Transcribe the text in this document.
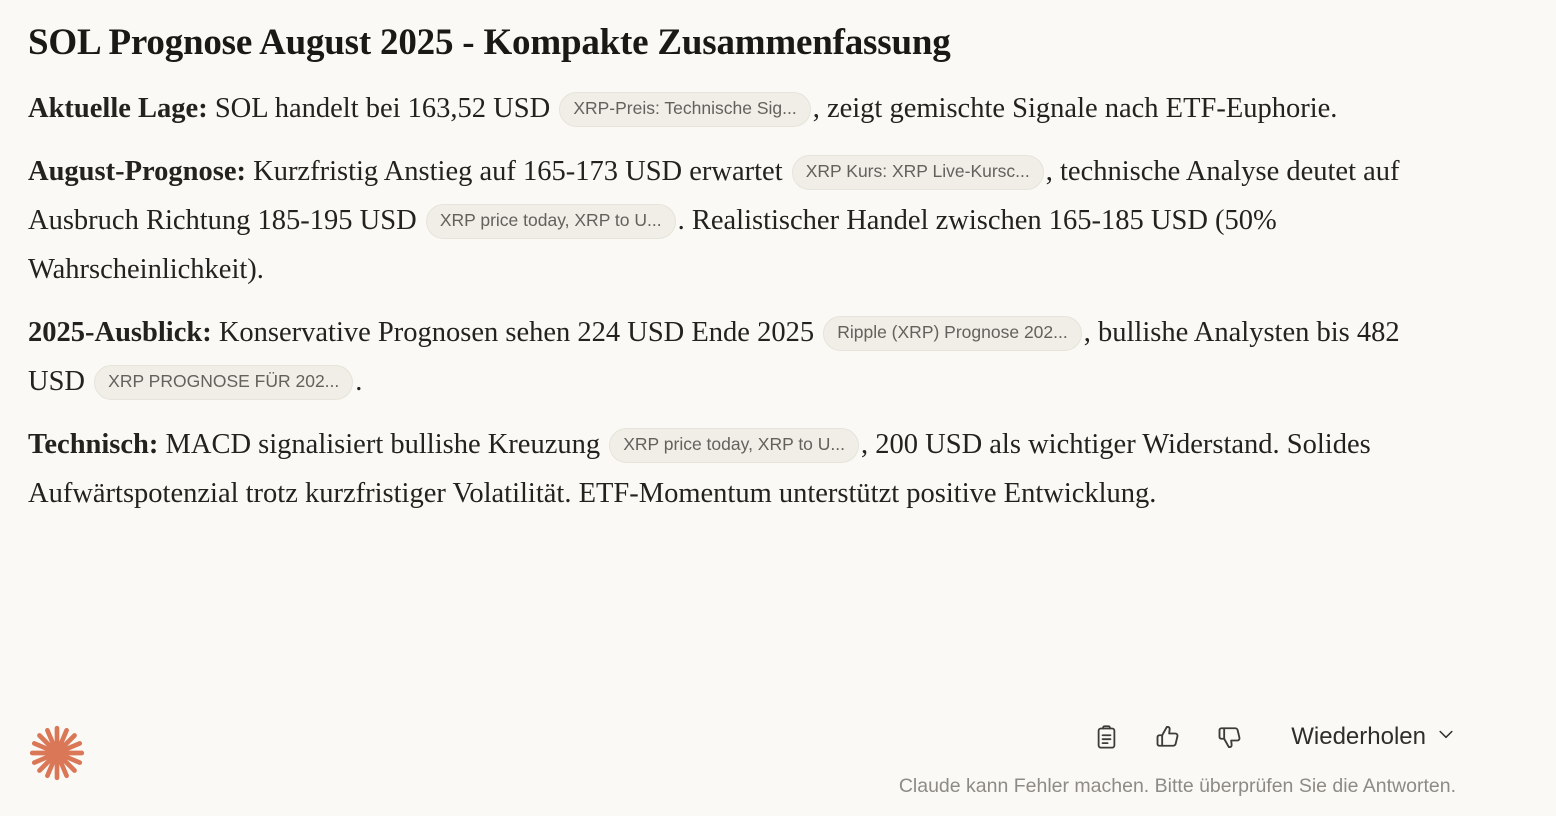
SOL Prognose August 2025 - Kompakte Zusammenfassung

Aktuelle Lage: SOL handelt bei 163,52 USD XRP-Preis: Technische Sig... , zeigt gemischte Signale nach ETF-Euphorie.

August-Prognose: Kurzfristig Anstieg auf 165-173 USD erwartet XRP Kurs: XRP Live-Kursc... , technische Analyse deutet auf Ausbruch Richtung 185-195 USD XRP price today, XRP to U... . Realistischer Handel zwischen 165-185 USD (50% Wahrscheinlichkeit).

2025-Ausblick: Konservative Prognosen sehen 224 USD Ende 2025 Ripple (XRP) Prognose 202... , bullishe Analysten bis 482 USD XRP PROGNOSE FÜR 202... .

Technisch: MACD signalisiert bullishe Kreuzung XRP price today, XRP to U... , 200 USD als wichtiger Widerstand. Solides Aufwärtspotenzial trotz kurzfristiger Volatilität. ETF-Momentum unterstützt positive Entwicklung.

Wiederholen
Claude kann Fehler machen. Bitte überprüfen Sie die Antworten.
